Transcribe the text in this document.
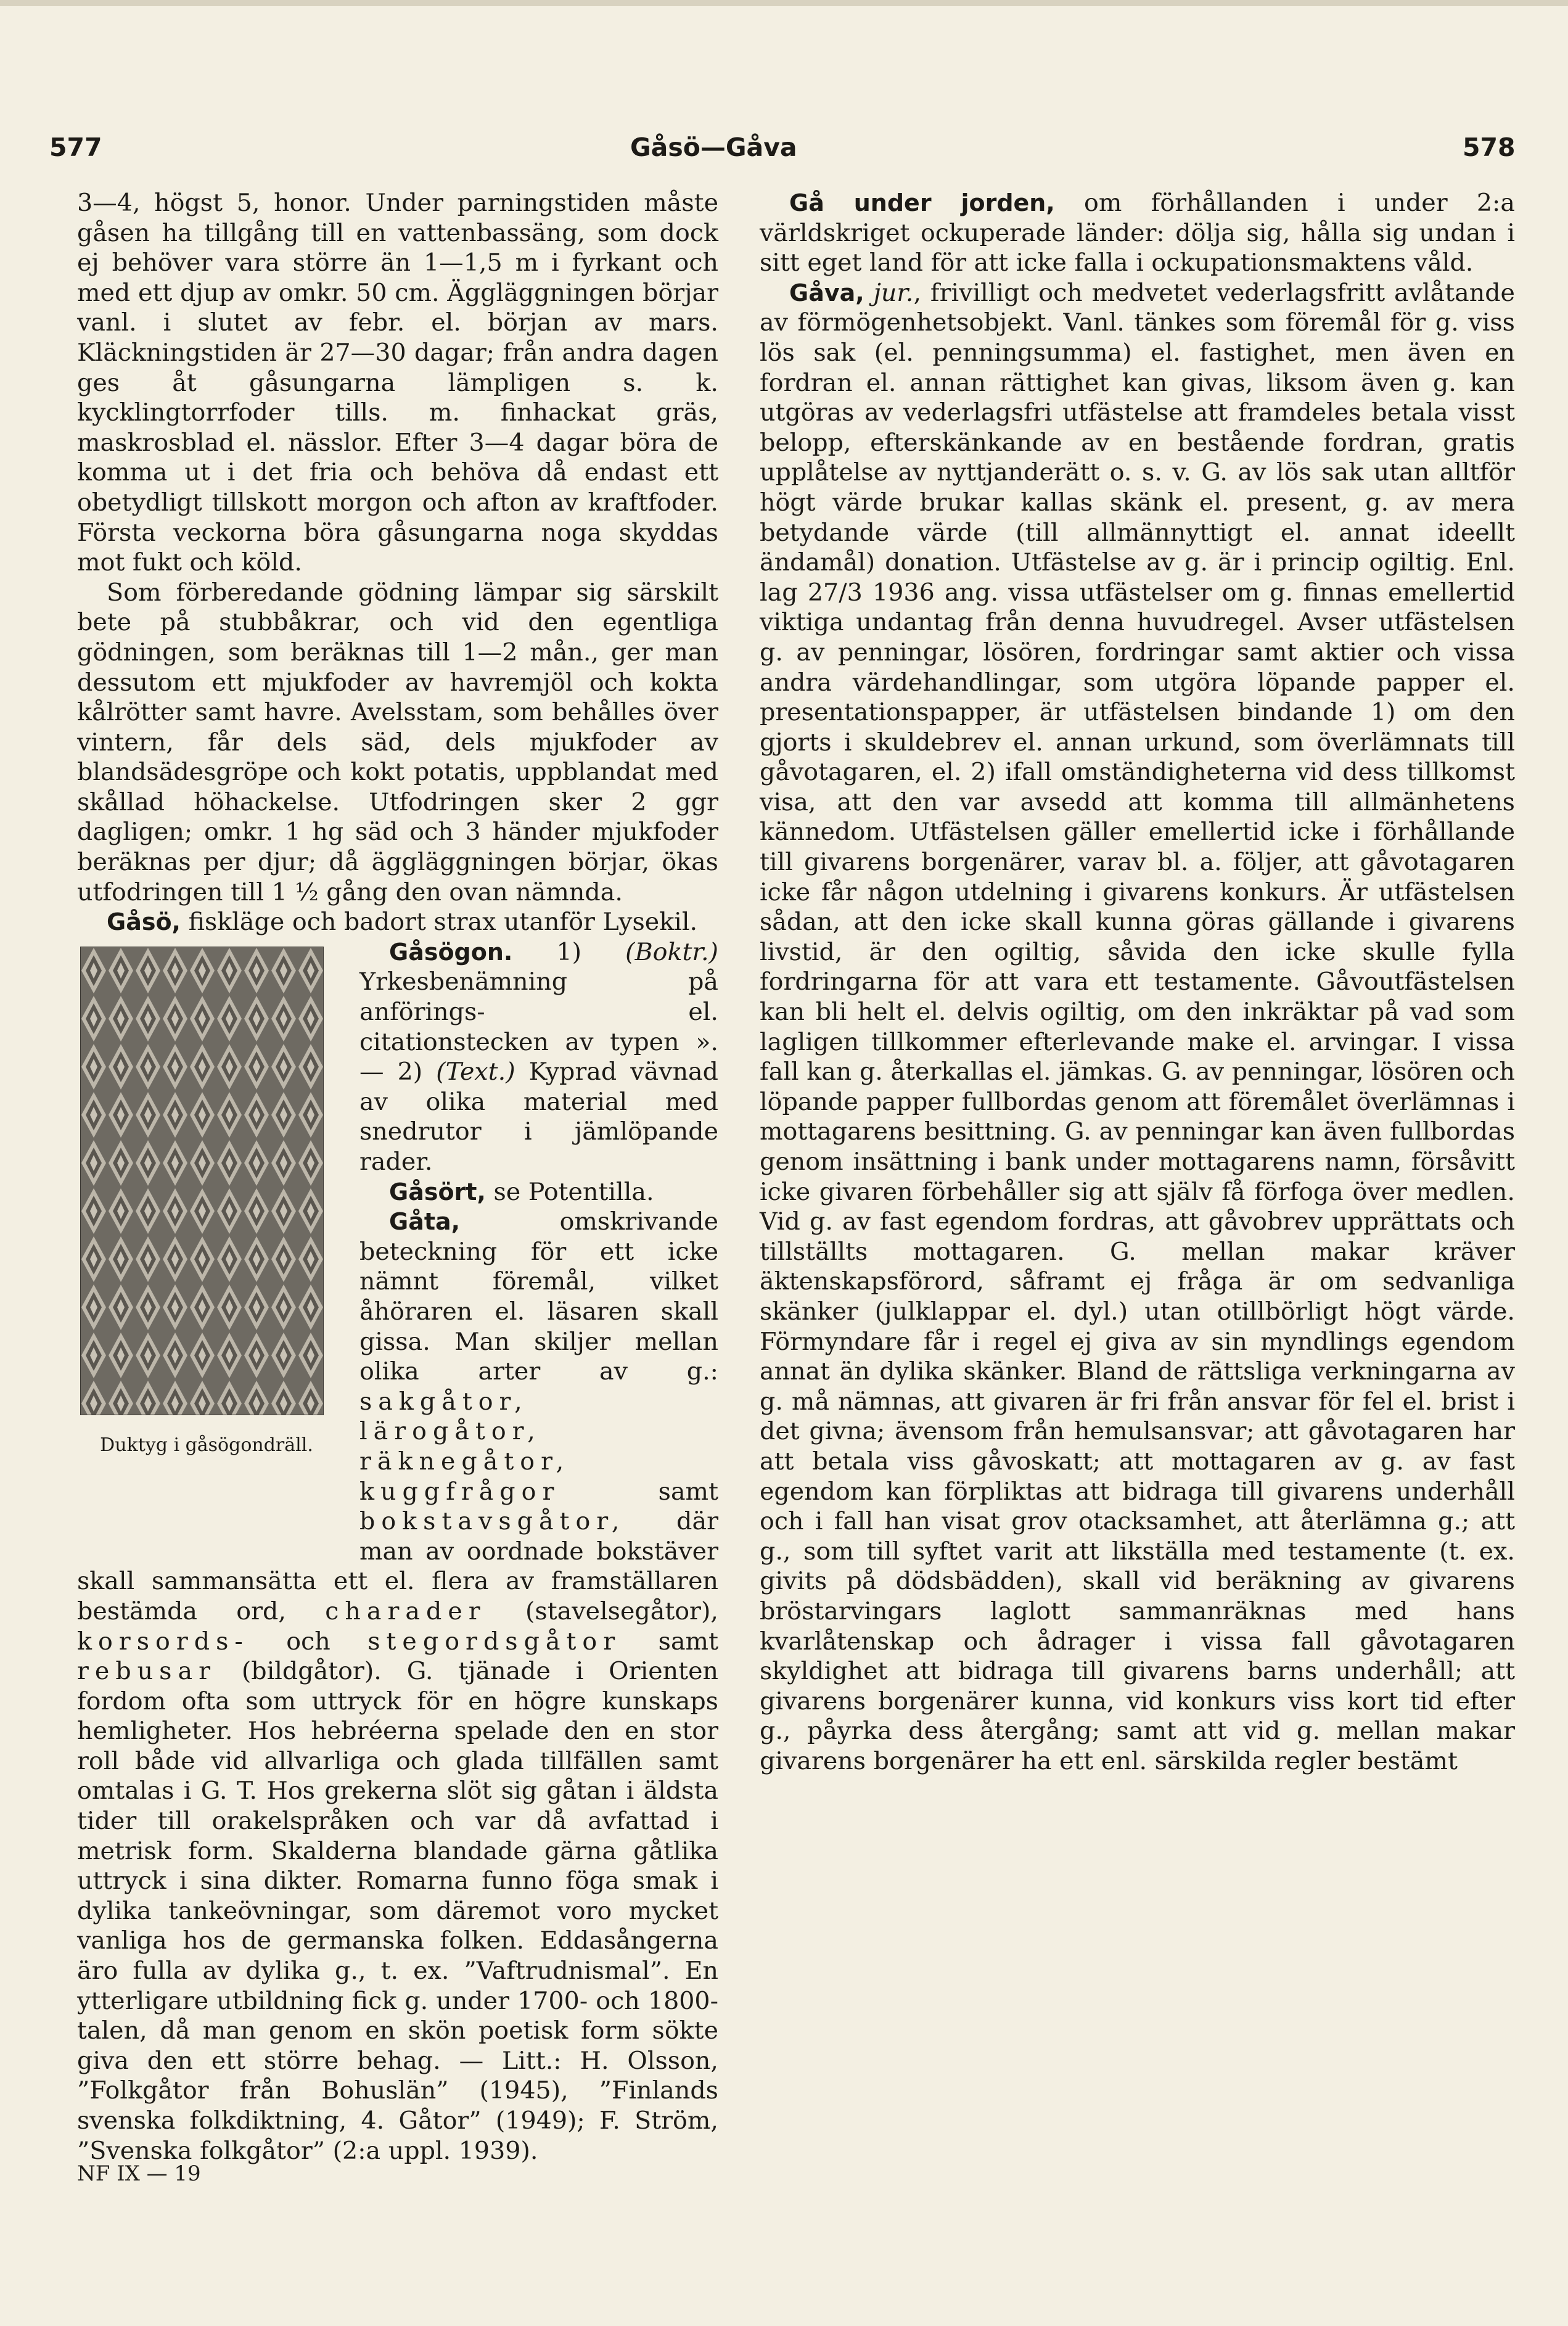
577	Gåsö—Gåva	578

3—4, högst 5, honor. Under parningstiden måste gåsen ha tillgång till en vattenbassäng, som dock ej behöver vara större än 1—1,5 m i fyrkant och med ett djup av omkr. 50 cm. Äggläggningen börjar vanl. i slutet av febr. el. början av mars. Kläckningstiden är 27—30 dagar; från andra dagen ges åt gåsungarna lämpligen s. k. kycklingtorrfoder tills. m. finhackat gräs, maskrosblad el. nässlor. Efter 3—4 dagar böra de komma ut i det fria och behöva då endast ett obetydligt tillskott morgon och afton av kraftfoder. Första veckorna böra gåsungarna noga skyddas mot fukt och köld.

Som förberedande gödning lämpar sig särskilt bete på stubbåkrar, och vid den egentliga gödningen, som beräknas till 1—2 mån., ger man dessutom ett mjukfoder av havremjöl och kokta kålrötter samt havre. Avelsstam, som behålles över vintern, får dels säd, dels mjukfoder av blandsädesgröpe och kokt potatis, uppblandat med skållad höhackelse. Utfodringen sker 2 ggr dagligen; omkr. 1 hg säd och 3 händer mjukfoder beräknas per djur; då äggläggningen börjar, ökas utfodringen till 1 ½ gång den ovan nämnda.

Gåsö, fiskläge och badort strax utanför Lysekil.

Duktyg i gåsögondräll.

Gåsögon. 1) (Boktr.) Yrkesbenämning på anförings- el. citationstecken av typen ». — 2) (Text.) Kyprad vävnad av olika material med snedrutor i jämlöpande rader.

Gåsört, se Potentilla.

Gåta, omskrivande beteckning för ett icke nämnt föremål, vilket åhöraren el. läsaren skall gissa. Man skiljer mellan olika arter av g.: sakgåtor, lärogåtor, räknegåtor, kuggfrågor samt bokstavsgåtor, där man av oordnade bokstäver skall sammansätta ett el. flera av framställaren bestämda ord, charader (stavelsegåtor), korsords- och stegordsgåtor samt rebusar (bildgåtor). G. tjänade i Orienten fordom ofta som uttryck för en högre kunskaps hemligheter. Hos hebréerna spelade den en stor roll både vid allvarliga och glada tillfällen samt omtalas i G. T. Hos grekerna slöt sig gåtan i äldsta tider till orakelspråken och var då avfattad i metrisk form. Skalderna blandade gärna gåtlika uttryck i sina dikter. Romarna funno föga smak i dylika tankeövningar, som däremot voro mycket vanliga hos de germanska folken. Eddasångerna äro fulla av dylika g., t. ex. ”Vaftrudnismal”. En ytterligare utbildning fick g. under 1700- och 1800-talen, då man genom en skön poetisk form sökte giva den ett större behag. — Litt.: H. Olsson, ”Folkgåtor från Bohuslän” (1945), ”Finlands svenska folkdiktning, 4. Gåtor” (1949); F. Ström, ”Svenska folkgåtor” (2:a uppl. 1939).

Gå under jorden, om förhållanden i under 2:a världskriget ockuperade länder: dölja sig, hålla sig undan i sitt eget land för att icke falla i ockupationsmaktens våld.

Gåva, jur., frivilligt och medvetet vederlagsfritt avlåtande av förmögenhetsobjekt. Vanl. tänkes som föremål för g. viss lös sak (el. penningsumma) el. fastighet, men även en fordran el. annan rättighet kan givas, liksom även g. kan utgöras av vederlagsfri utfästelse att framdeles betala visst belopp, efterskänkande av en bestående fordran, gratis upplåtelse av nyttjanderätt o. s. v. G. av lös sak utan alltför högt värde brukar kallas skänk el. present, g. av mera betydande värde (till allmännyttigt el. annat ideellt ändamål) donation. Utfästelse av g. är i princip ogiltig. Enl. lag 27/3 1936 ang. vissa utfästelser om g. finnas emellertid viktiga undantag från denna huvudregel. Avser utfästelsen g. av penningar, lösören, fordringar samt aktier och vissa andra värdehandlingar, som utgöra löpande papper el. presentationspapper, är utfästelsen bindande 1) om den gjorts i skuldebrev el. annan urkund, som överlämnats till gåvotagaren, el. 2) ifall omständigheterna vid dess tillkomst visa, att den var avsedd att komma till allmänhetens kännedom. Utfästelsen gäller emellertid icke i förhållande till givarens borgenärer, varav bl. a. följer, att gåvotagaren icke får någon utdelning i givarens konkurs. Är utfästelsen sådan, att den icke skall kunna göras gällande i givarens livstid, är den ogiltig, såvida den icke skulle fylla fordringarna för att vara ett testamente. Gåvoutfästelsen kan bli helt el. delvis ogiltig, om den inkräktar på vad som lagligen tillkommer efterlevande make el. arvingar. I vissa fall kan g. återkallas el. jämkas. G. av penningar, lösören och löpande papper fullbordas genom att föremålet överlämnas i mottagarens besittning. G. av penningar kan även fullbordas genom insättning i bank under mottagarens namn, försåvitt icke givaren förbehåller sig att själv få förfoga över medlen. Vid g. av fast egendom fordras, att gåvobrev upprättats och tillställts mottagaren. G. mellan makar kräver äktenskapsförord, såframt ej fråga är om sedvanliga skänker (julklappar el. dyl.) utan otillbörligt högt värde. Förmyndare får i regel ej giva av sin myndlings egendom annat än dylika skänker. Bland de rättsliga verkningarna av g. må nämnas, att givaren är fri från ansvar för fel el. brist i det givna; ävensom från hemulsansvar; att gåvotagaren har att betala viss gåvoskatt; att mottagaren av g. av fast egendom kan förpliktas att bidraga till givarens underhåll och i fall han visat grov otacksamhet, att återlämna g.; att g., som till syftet varit att likställa med testamente (t. ex. givits på dödsbädden), skall vid beräkning av givarens bröstarvingars laglott sammanräknas med hans kvarlåtenskap och ådrager i vissa fall gåvotagaren skyldighet att bidraga till givarens barns underhåll; att givarens borgenärer kunna, vid konkurs viss kort tid efter g., påyrka dess återgång; samt att vid g. mellan makar givarens borgenärer ha ett enl. särskilda regler bestämt

NF IX — 19
